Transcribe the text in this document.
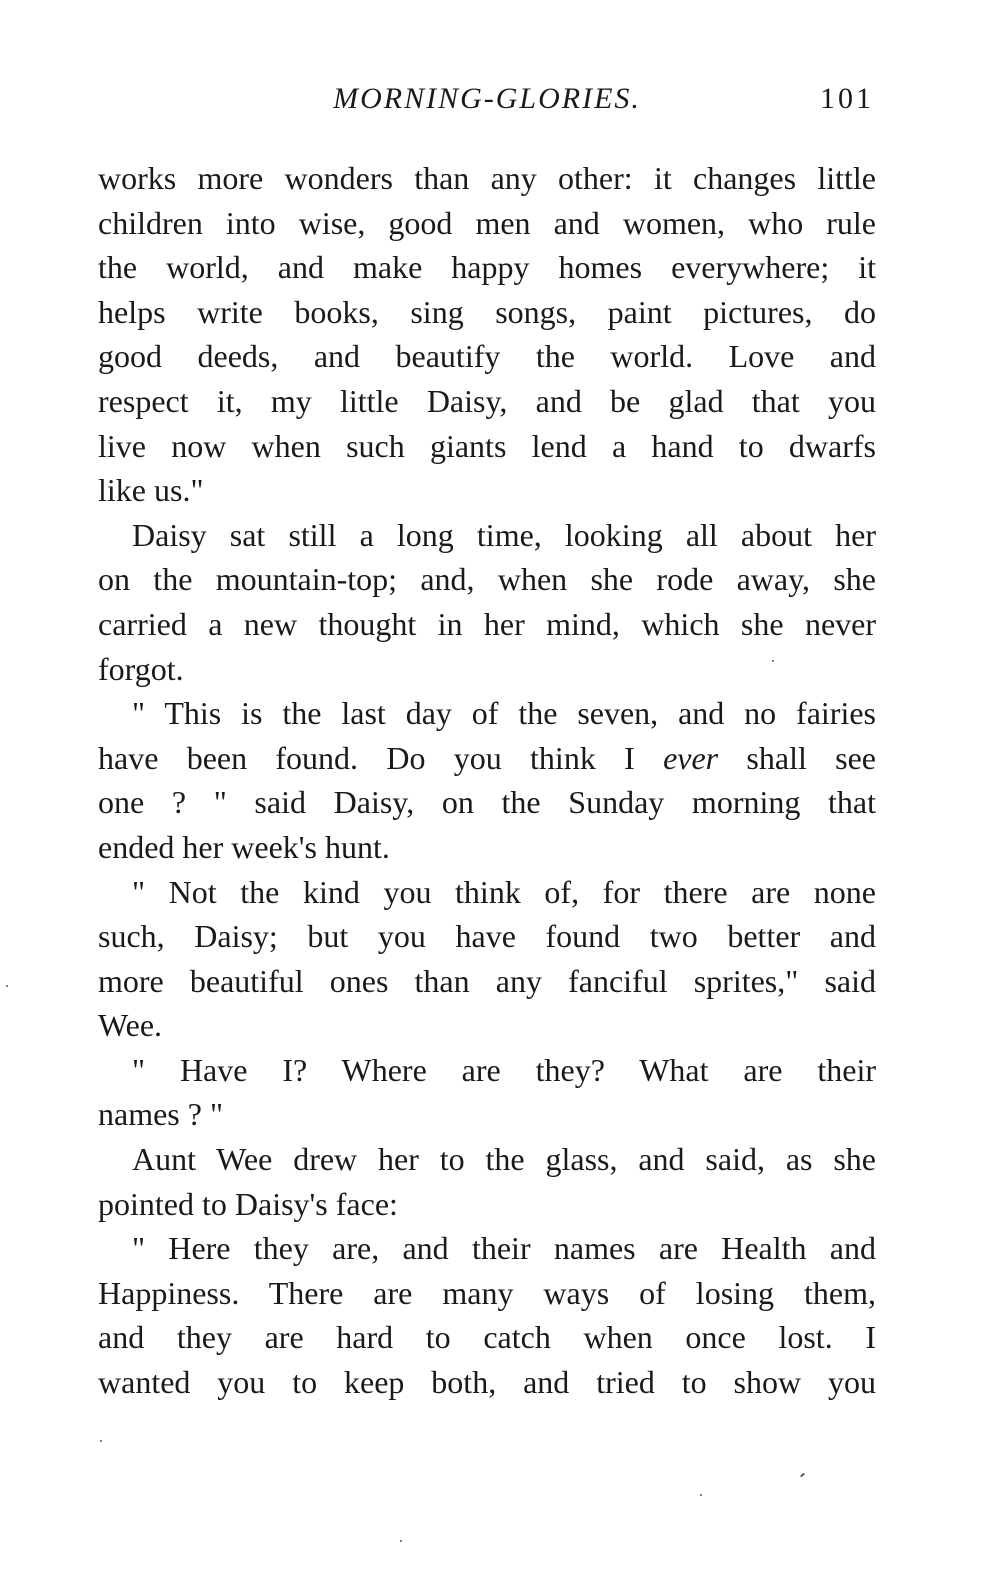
MORNING-GLORIES.	101
works more wonders than any other: it changes little
children into wise, good men and women, who rule
the world, and make happy homes everywhere; it
helps write books, sing songs, paint pictures, do
good deeds, and beautify the world. Love and
respect it, my little Daisy, and be glad that you
live now when such giants lend a hand to dwarfs
like us."
Daisy sat still a long time, looking all about her
on the mountain-top; and, when she rode away, she
carried a new thought in her mind, which she never
forgot.
" This is the last day of the seven, and no fairies
have been found. Do you think I ever shall see
one ? " said Daisy, on the Sunday morning that
ended her week's hunt.
" Not the kind you think of, for there are none
such, Daisy; but you have found two better and
more beautiful ones than any fanciful sprites," said
Wee.
" Have I? Where are they? What are their
names ? "
Aunt Wee drew her to the glass, and said, as she
pointed to Daisy's face:
" Here they are, and their names are Health and
Happiness. There are many ways of losing them,
and they are hard to catch when once lost. I
wanted you to keep both, and tried to show you
